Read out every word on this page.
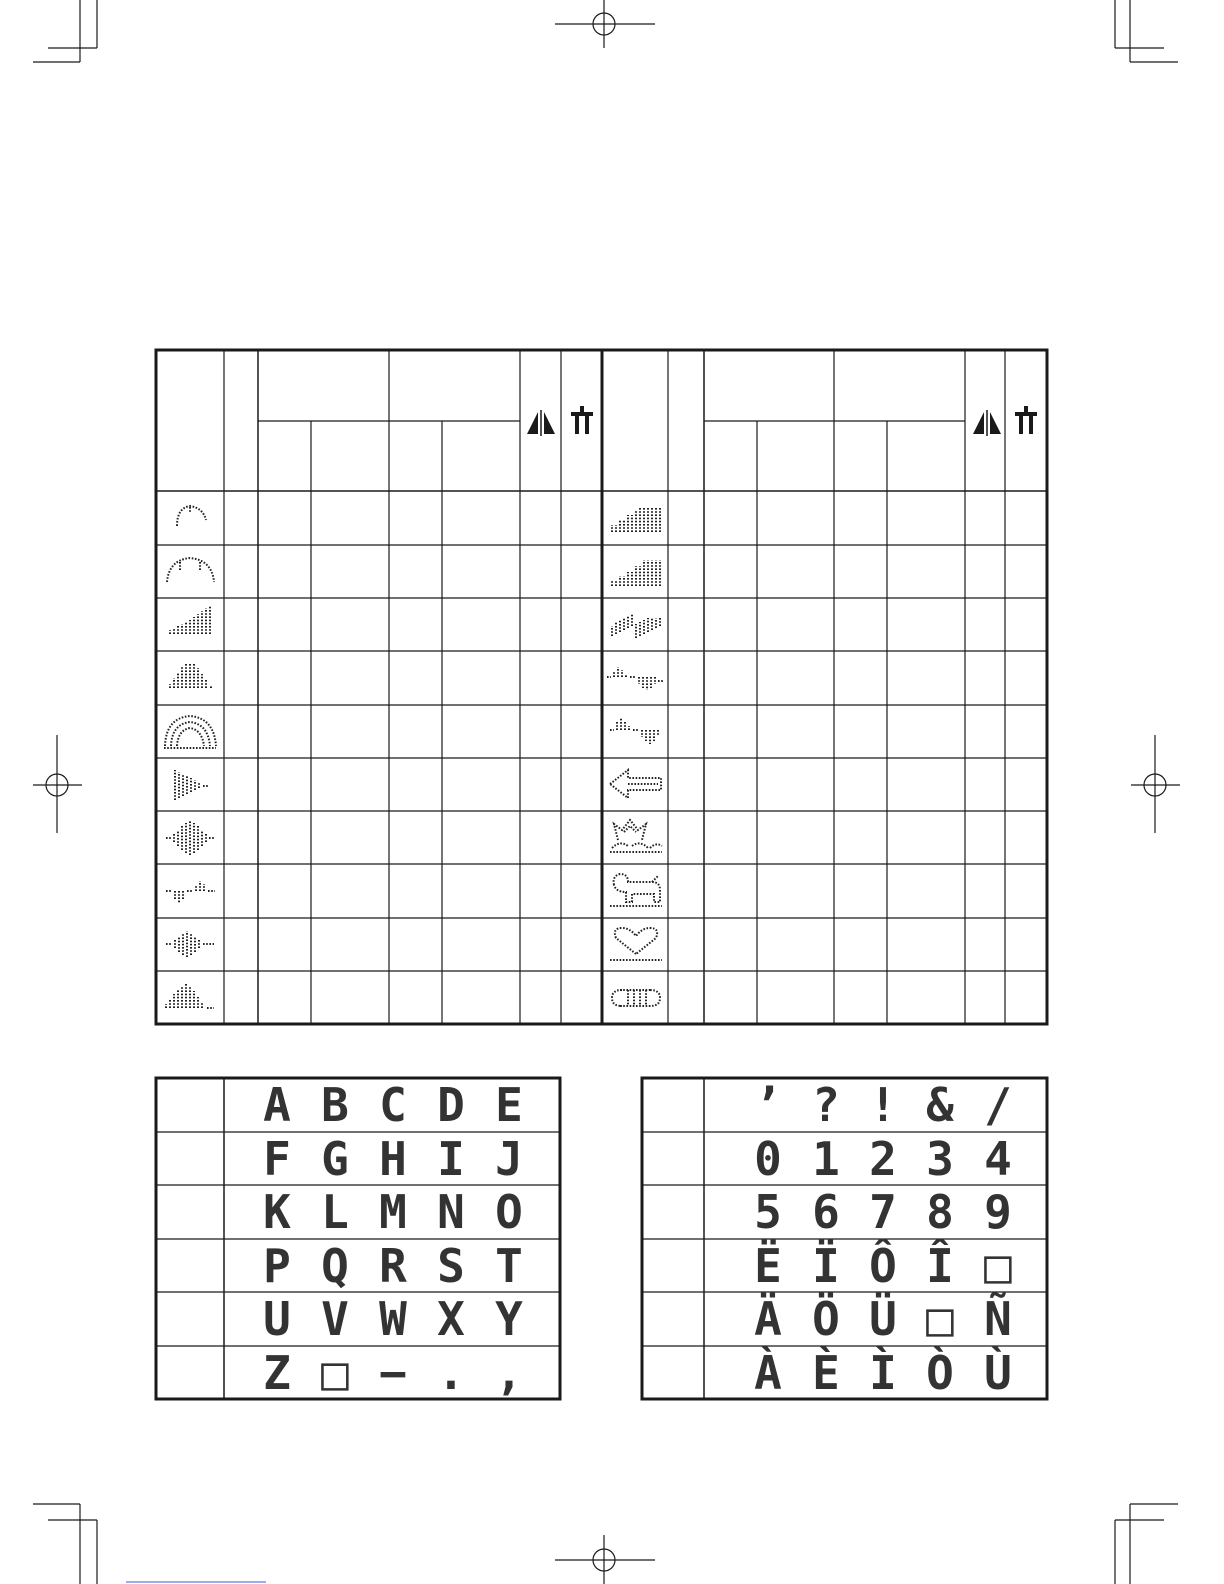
A B C D E
F G H I J
K L M N O
P Q R S T
U V W X Y
Z □ − . ,
’ ? ! & /
0 1 2 3 4
5 6 7 8 9
Ë Ï Ô Î □
Ä Ö Ü □ Ñ
À È Ì Ò Ù
